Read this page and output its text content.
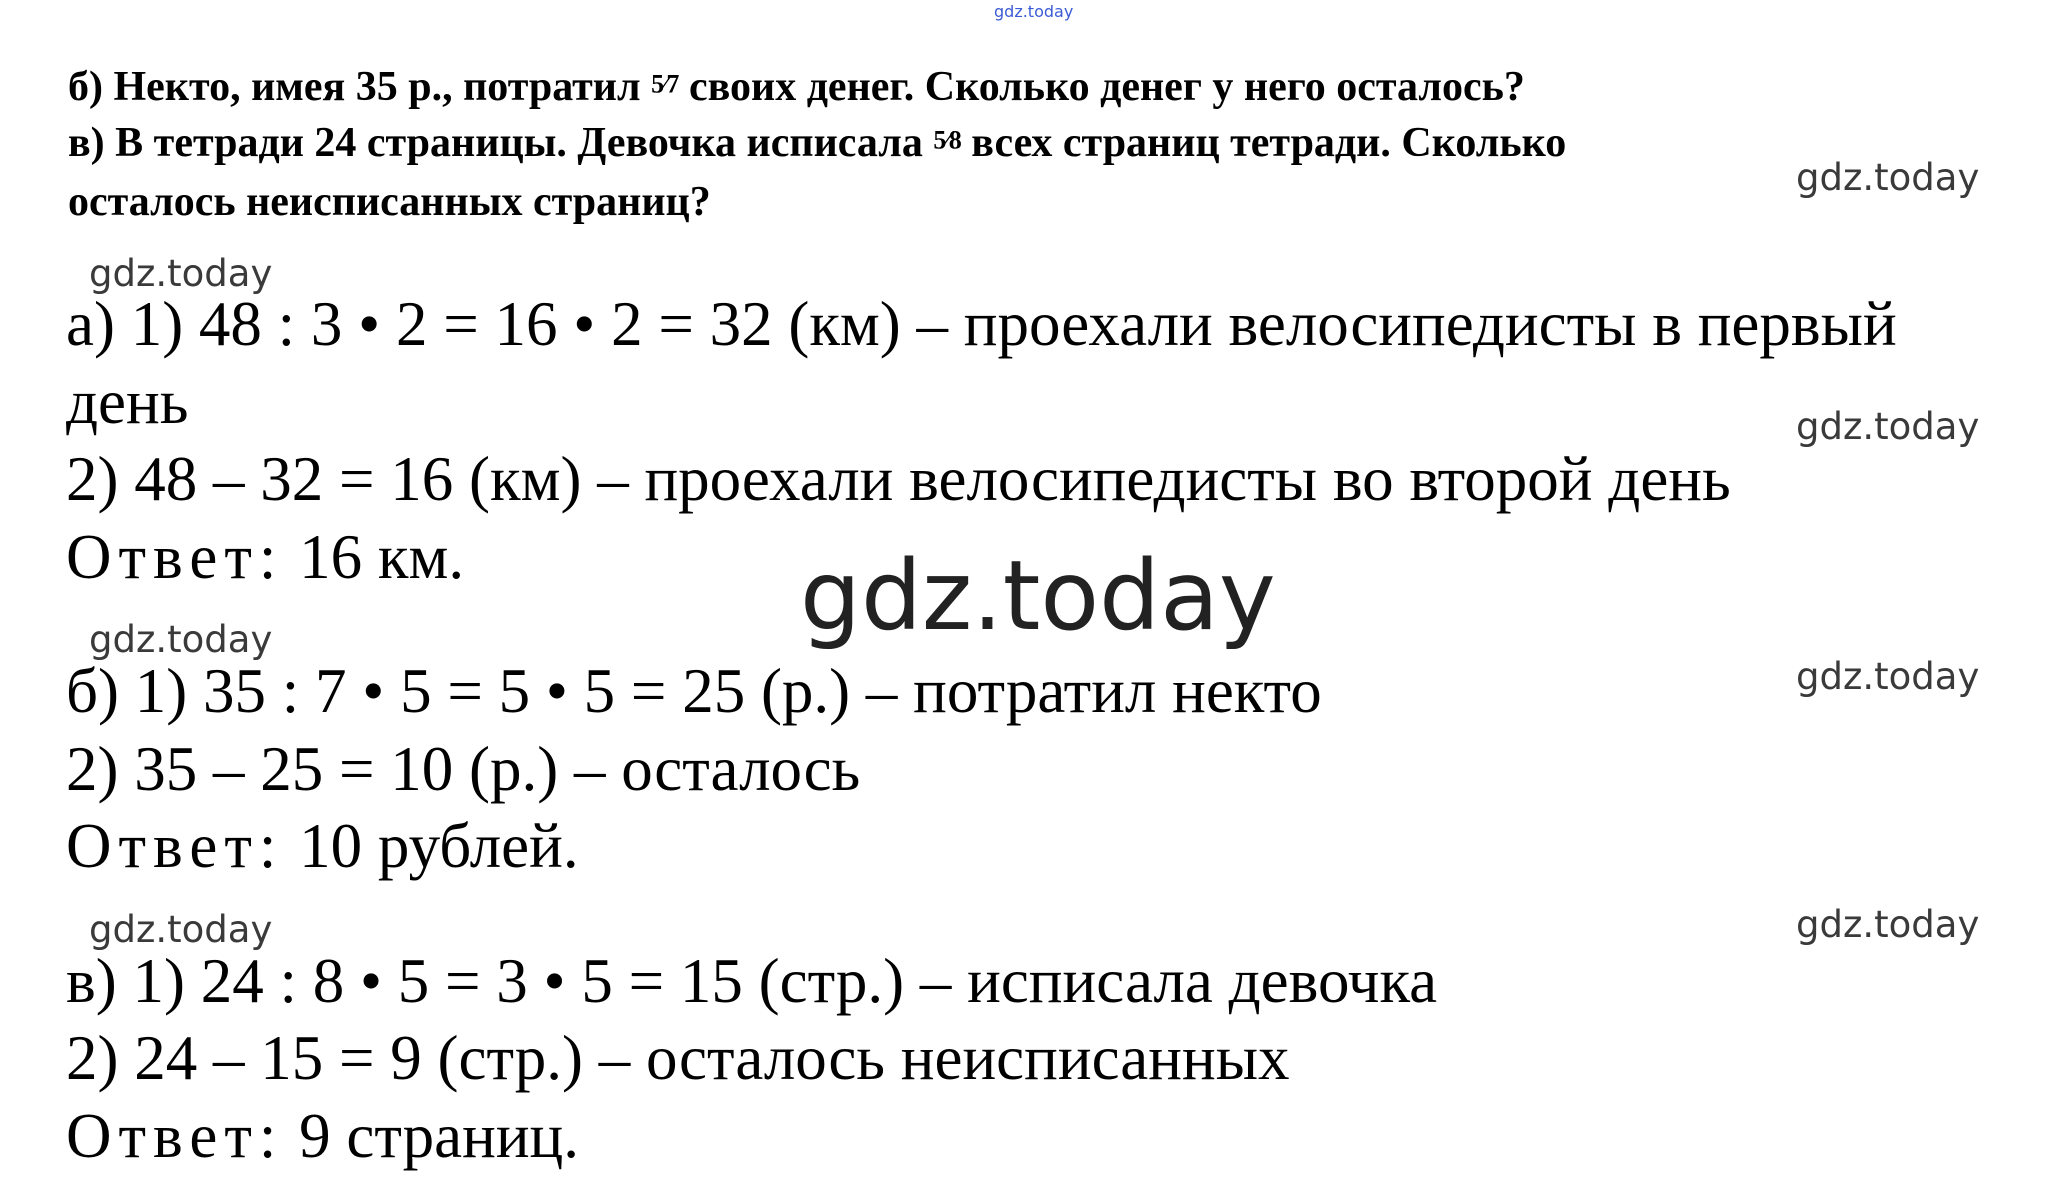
gdz.today
б) Некто, имея 35 р., потратил 5⁄7 своих денег. Сколько денег у него осталось?
в) В тетради 24 страницы. Девочка исписала 5⁄8 всех страниц тетради. Сколько
осталось неисписанных страниц?
gdz.today
gdz.today
gdz.today
gdz.today
gdz.today
gdz.today	gdz.today
gdz.today
а) 1) 48 : 3 • 2 = 16 • 2 = 32 (км) – проехали велосипедисты в первый
день
2) 48 – 32 = 16 (км) – проехали велосипедисты во второй день
Ответ: 16 км.
б) 1) 35 : 7 • 5 = 5 • 5 = 25 (р.) – потратил некто
2) 35 – 25 = 10 (р.) – осталось
Ответ: 10 рублей.
в) 1) 24 : 8 • 5 = 3 • 5 = 15 (стр.) – исписала девочка
2) 24 – 15 = 9 (стр.) – осталось неисписанных
Ответ: 9 страниц.
